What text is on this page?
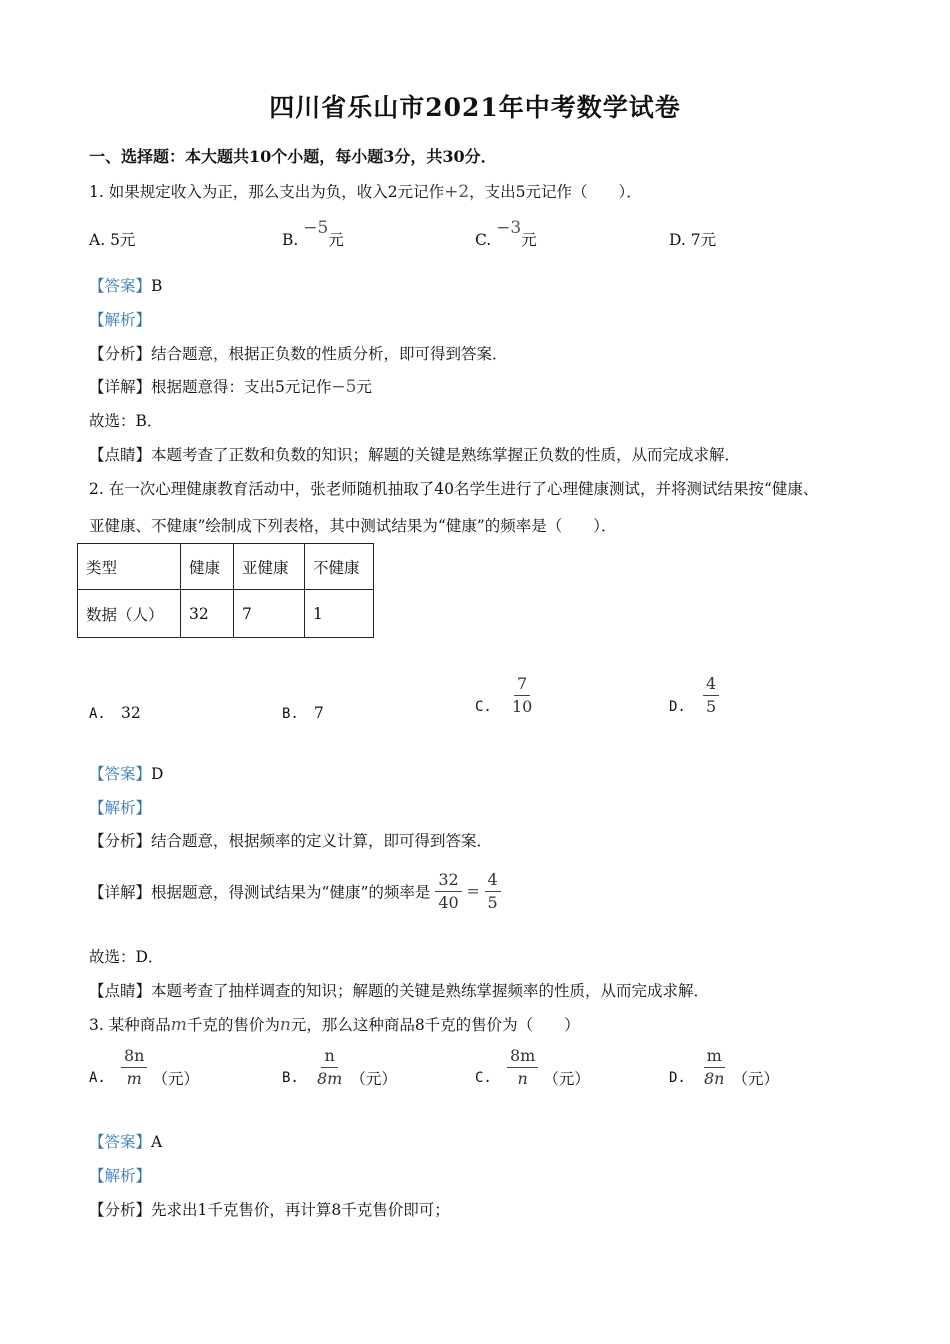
四川省乐山市2021年中考数学试卷
一、选择题：本大题共10个小题，每小题3分，共30分．
1. 如果规定收入为正，那么支出为负，收入2元记作+2，支出5元记作（　　）．
A. 5元	B. −5元	C. −3元	D. 7元
【答案】B
【解析】
【分析】结合题意，根据正负数的性质分析，即可得到答案．
【详解】根据题意得：支出5元记作−5元
故选：B．
【点睛】本题考查了正数和负数的知识；解题的关键是熟练掌握正负数的性质，从而完成求解．
2. 在一次心理健康教育活动中，张老师随机抽取了40名学生进行了心理健康测试，并将测试结果按“健康、
亚健康、不健康”绘制成下列表格，其中测试结果为“健康”的频率是（　　）．
类型	健康	亚健康	不健康
数据（人）	32	7	1
A. 32	B. 7	C. $\frac{7}{10}$	D. $\frac{4}{5}$
【答案】D
【解析】
【分析】结合题意，根据频率的定义计算，即可得到答案．
【详解】根据题意，得测试结果为“健康”的频率是 $\frac{32}{40} = \frac{4}{5}$
故选：D．
【点睛】本题考查了抽样调查的知识；解题的关键是熟练掌握频率的性质，从而完成求解．
3. 某种商品m千克的售价为n元，那么这种商品8千克的售价为（　　）
A. $\frac{8n}{m}$ （元）	B. $\frac{n}{8m}$ （元）	C. $\frac{8m}{n}$ （元）	D. $\frac{m}{8n}$ （元）
【答案】A
【解析】
【分析】先求出1千克售价，再计算8千克售价即可；
